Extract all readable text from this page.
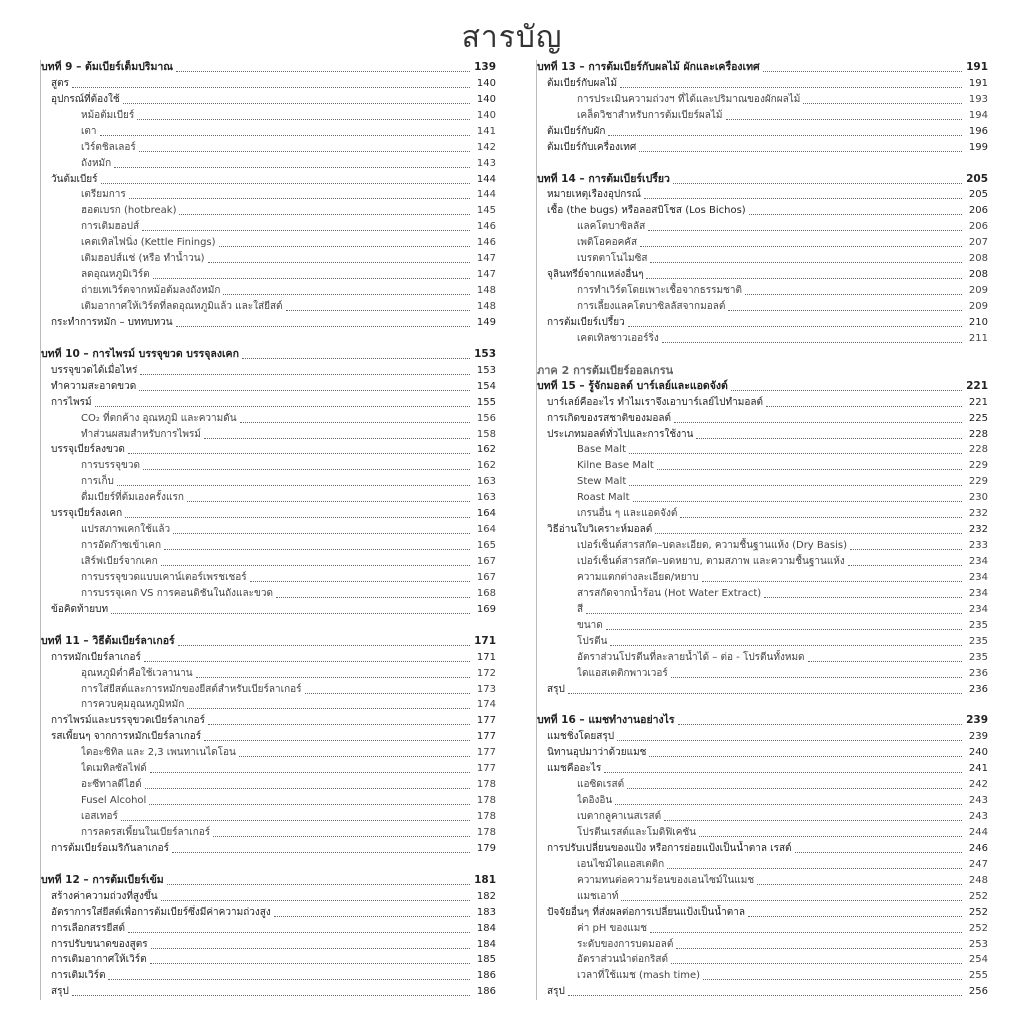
สารบัญ
บทที่ 9 – ต้มเบียร์เต็มปริมาณ	139
สูตร	140
อุปกรณ์ที่ต้องใช้	140
หม้อต้มเบียร์	140
เตา	141
เวิร์ตชิลเลอร์	142
ถังหมัก	143
วันต้มเบียร์	144
เตรียมการ	144
ฮอตเบรก (hotbreak)	145
การเติมฮอปส์	146
เคตเทิลไฟนิ่ง (Kettle Finings)	146
เติมฮอปส์แช่ (หรือ ทำน้ำวน)	147
ลดอุณหภูมิเวิร์ต	147
ถ่ายเทเวิร์ตจากหม้อต้มลงถังหมัก	148
เติมอากาศให้เวิร์ตที่ลดอุณหภูมิแล้ว และใส่ยีสต์	148
กระทำการหมัก – บททบทวน	149
บทที่ 10 – การไพรม์ บรรจุขวด บรรจุลงเคก	153
บรรจุขวดได้เมื่อไหร่	153
ทำความสะอาดขวด	154
การไพรม์	155
CO₂ ที่ตกค้าง อุณหภูมิ และความดัน	156
ทำส่วนผสมสำหรับการไพรม์	158
บรรจุเบียร์ลงขวด	162
การบรรจุขวด	162
การเก็บ	163
ดื่มเบียร์ที่ต้มเองครั้งแรก	163
บรรจุเบียร์ลงเคก	164
แปรสภาพเคกใช้แล้ว	164
การอัดก๊าซเข้าเคก	165
เสิร์ฟเบียร์จากเคก	167
การบรรจุขวดแบบเคาน์เตอร์เพรชเชอร์	167
การบรรจุเคก VS การคอนดิชันในถังและขวด	168
ข้อคิดท้ายบท	169
บทที่ 11 – วิธีต้มเบียร์ลาเกอร์	171
การหมักเบียร์ลาเกอร์	171
อุณหภูมิต่ำคือใช้เวลานาน	172
การใส่ยีสต์และการหมักของยีสต์สำหรับเบียร์ลาเกอร์	173
การควบคุมอุณหภูมิหมัก	174
การไพรม์และบรรจุขวดเบียร์ลาเกอร์	177
รสเพี้ยนๆ จากการหมักเบียร์ลาเกอร์	177
ไดอะซิทิล และ 2,3 เพนทาเนไดโอน	177
ไดเมทิลซัลไฟด์	177
อะซีทาลดีไฮด์	178
Fusel Alcohol	178
เอสเทอร์	178
การลดรสเพี้ยนในเบียร์ลาเกอร์	178
การต้มเบียร์อเมริกันลาเกอร์	179
บทที่ 12 – การต้มเบียร์เข้ม	181
สร้างค่าความถ่วงที่สูงขึ้น	182
อัตราการใส่ยีสต์เพื่อการต้มเบียร์ซึ่งมีค่าความถ่วงสูง	183
การเลือกสรรยีสต์	184
การปรับขนาดของสูตร	184
การเติมอากาศให้เวิร์ต	185
การเติมเวิร์ต	186
สรุป	186
บทที่ 13 – การต้มเบียร์กับผลไม้ ผักและเครื่องเทศ	191
ต้มเบียร์กับผลไม้	191
การประเมินความถ่วงฯ ที่ได้และปริมาณของผักผลไม้	193
เคล็ดวิชาสำหรับการต้มเบียร์ผลไม้	194
ต้มเบียร์กับผัก	196
ต้มเบียร์กับเครื่องเทศ	199
บทที่ 14 – การต้มเบียร์เปรี้ยว	205
หมายเหตุเรื่องอุปกรณ์	205
เชื้อ (the bugs) หรือลอสบิโชส (Los Bichos)	206
แลคโตบาซิลลัส	206
เพดิโอคอคคัส	207
เบรตตาโนไมซิส	208
จุลินทรีย์จากแหล่งอื่นๆ	208
การทำเวิร์ตโดยเพาะเชื้อจากธรรมชาติ	209
การเลี้ยงแลคโตบาซิลลัสจากมอลต์	209
การต้มเบียร์เปรี้ยว	210
เคตเทิลซาวเออร์ริ่ง	211
ภาค 2 การต้มเบียร์ออลเกรน
บทที่ 15 – รู้จักมอลต์ บาร์เลย์และแอดจังต์	221
บาร์เลย์คืออะไร ทำไมเราจึงเอาบาร์เลย์ไปทำมอลต์	221
การเกิดของรสชาติของมอลต์	225
ประเภทมอลต์ทั่วไปและการใช้งาน	228
Base Malt	228
Kilne Base Malt	229
Stew Malt	229
Roast Malt	230
เกรนอื่น ๆ และแอดจังต์	232
วิธีอ่านใบวิเคราะห์มอลต์	232
เปอร์เซ็นต์สารสกัด–บดละเอียด, ความชื้นฐานแห้ง (Dry Basis)	233
เปอร์เซ็นต์สารสกัด–บดหยาบ, ตามสภาพ และความชื้นฐานแห้ง	234
ความแตกต่างละเอียด/หยาบ	234
สารสกัดจากน้ำร้อน (Hot Water Extract)	234
สี	234
ขนาด	235
โปรตีน	235
อัตราส่วนโปรตีนที่ละลายน้ำได้ – ต่อ - โปรตีนทั้งหมด	235
ไดแอสเตติกพาวเวอร์	236
สรุป	236
บทที่ 16 – แมชทำงานอย่างไร	239
แมชชิ่งโดยสรุป	239
นิทานอุปมาว่าด้วยแมช	240
แมชคืออะไร	241
แอซิดเรสต์	242
ไดอิงอิน	243
เบตากลูคาเนสเรสต์	243
โปรตีนเรสต์และโมดิฟิเคชัน	244
การปรับเปลี่ยนของแป้ง หรือการย่อยแป้งเป็นน้ำตาล เรสต์	246
เอนไซม์ไดแอสเตติก	247
ความทนต่อความร้อนของเอนไซม์ในแมช	248
แมชเอาท์	252
ปัจจัยอื่นๆ ที่ส่งผลต่อการเปลี่ยนแป้งเป็นน้ำตาล	252
ค่า pH ของแมช	252
ระดับของการบดมอลต์	253
อัตราส่วนน้ำต่อกริสต์	254
เวลาที่ใช้แมช (mash time)	255
สรุป	256
